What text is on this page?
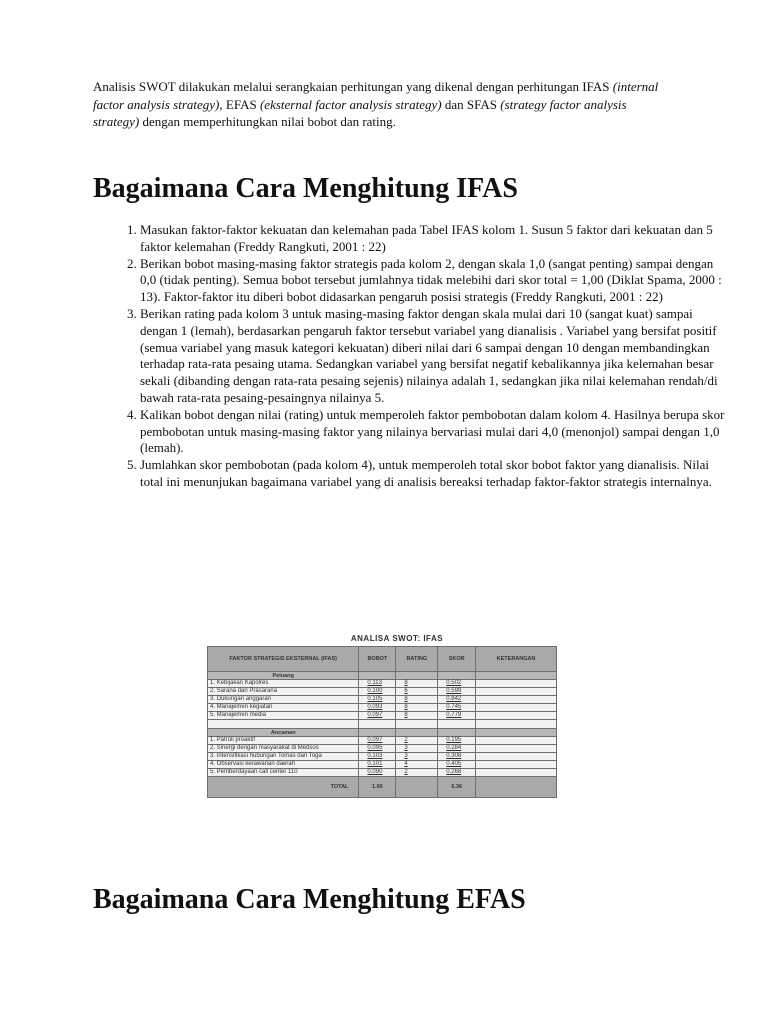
Analisis SWOT dilakukan melalui serangkaian perhitungan yang dikenal dengan perhitungan IFAS (internal factor analysis strategy), EFAS (eksternal factor analysis strategy) dan SFAS (strategy factor analysis strategy) dengan memperhitungkan nilai bobot dan rating.

Bagaimana Cara Menghitung IFAS
1. Masukan faktor-faktor kekuatan dan kelemahan pada Tabel IFAS kolom 1. Susun 5 faktor dari kekuatan dan 5 faktor kelemahan (Freddy Rangkuti, 2001 : 22)
2. Berikan bobot masing-masing faktor strategis pada kolom 2, dengan skala 1,0 (sangat penting) sampai dengan 0,0 (tidak penting). Semua bobot tersebut jumlahnya tidak melebihi dari skor total = 1,00 (Diklat Spama, 2000 : 13). Faktor-faktor itu diberi bobot didasarkan pengaruh posisi strategis (Freddy Rangkuti, 2001 : 22)
3. Berikan rating pada kolom 3 untuk masing-masing faktor dengan skala mulai dari 10 (sangat kuat) sampai dengan 1 (lemah), berdasarkan pengaruh faktor tersebut variabel yang dianalisis . Variabel yang bersifat positif (semua variabel yang masuk kategori kekuatan) diberi nilai dari 6 sampai dengan 10 dengan membandingkan terhadap rata-rata pesaing utama. Sedangkan variabel yang bersifat negatif kebalikannya jika kelemahan besar sekali (dibanding dengan rata-rata pesaing sejenis) nilainya adalah 1, sedangkan jika nilai kelemahan rendah/di bawah rata-rata pesaing-pesaingnya nilainya 5.
4. Kalikan bobot dengan nilai (rating) untuk memperoleh faktor pembobotan dalam kolom 4. Hasilnya berupa skor pembobotan untuk masing-masing faktor yang nilainya bervariasi mulai dari 4,0 (menonjol) sampai dengan 1,0 (lemah).
5. Jumlahkan skor pembobotan (pada kolom 4), untuk memperoleh total skor bobot faktor yang dianalisis. Nilai total ini menunjukan bagaimana variabel yang di analisis bereaksi terhadap faktor-faktor strategis internalnya.
ANALISA SWOT: IFAS
FAKTOR STRATEGIS EKSTERNAL (IFAS)	BOBOT	RATING	SKOR	KETERANGAN
Peluang				
1. Kebijakan Kapolres	0.113	8	0.502	
2. Sarana dan Prasarana	0.100	6	0.599	
3. Dukungan anggaran	0.105	8	0.842	
4. Manajemen kegiatan	0.093	8	0.745	
5. Manajemen media	0.097	8	0.779	

Ancaman				
1. Patroli proaktif	0.097	2	0.195	
2. Sinergi dengan masyarakat di Medsos	0.095	3	0.284	
3. Intensifikasi hubungan Tomas dan Toga	0.103	3	0.308	
4. Observasi kerawanan daerah	0.101	4	0.405	
5. Pemberdayaan call center 110	0.090	2	0.268	
TOTAL	1.00		6.36	
Bagaimana Cara Menghitung EFAS
